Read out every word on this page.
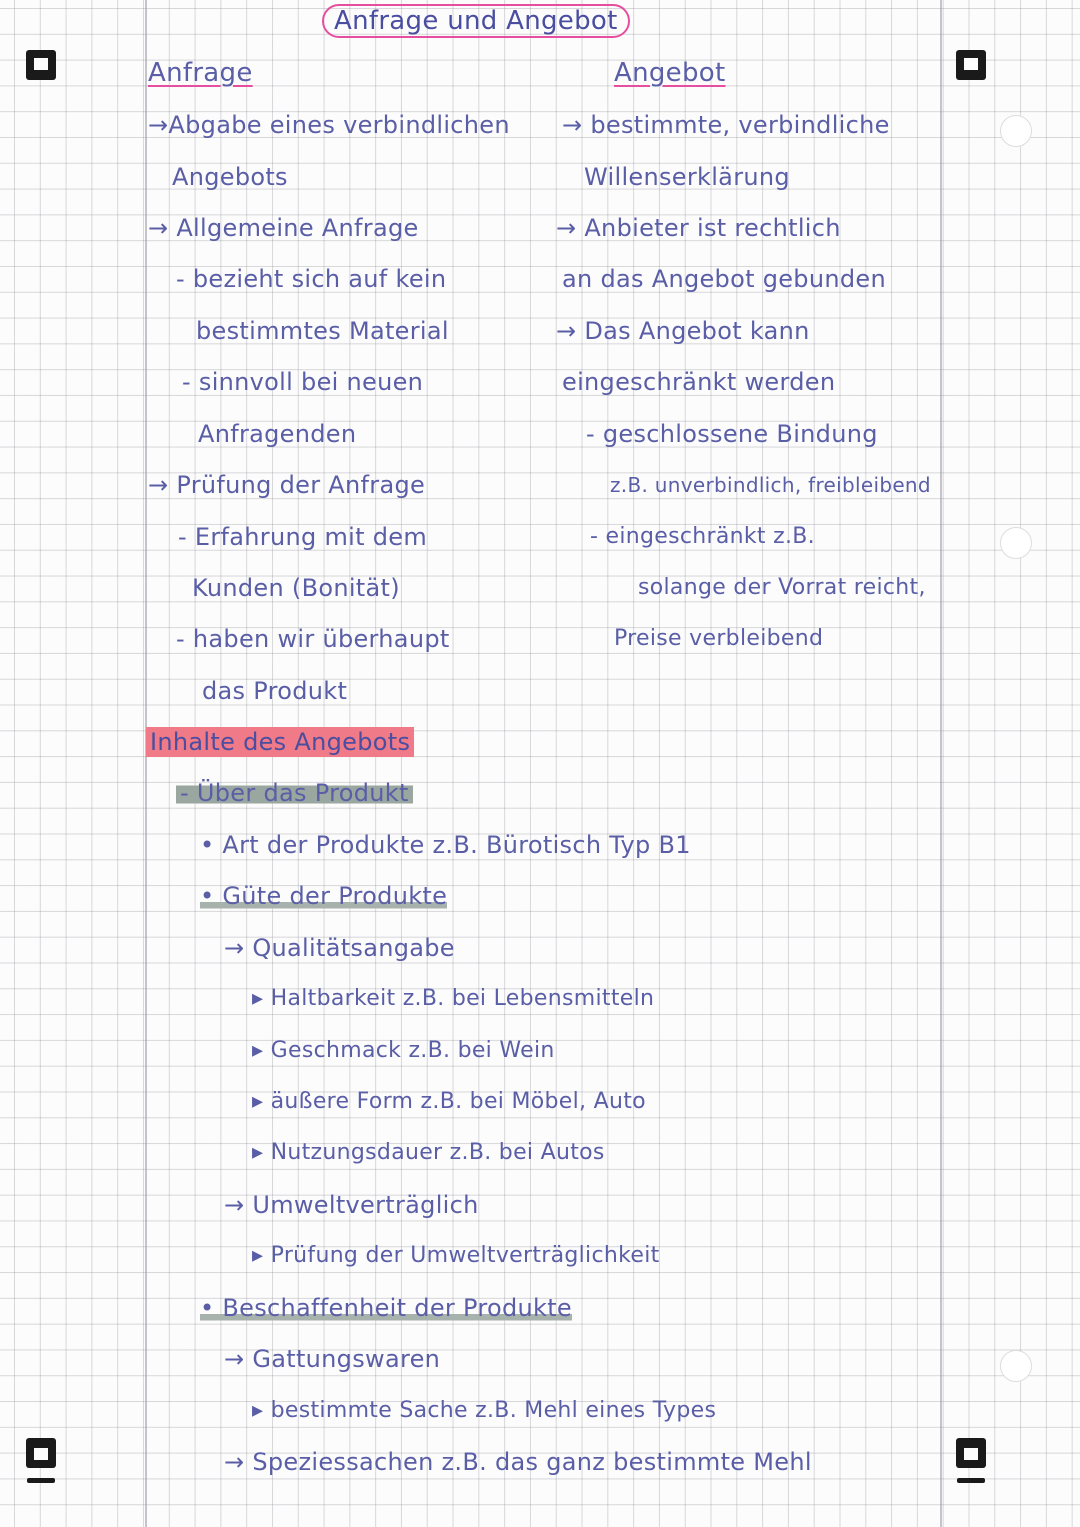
Anfrage und Angebot
Anfrage
→Abgabe eines verbindlichen
Angebots
→ Allgemeine Anfrage
- bezieht sich auf kein
bestimmtes Material
- sinnvoll bei neuen
Anfragenden
→ Prüfung der Anfrage
- Erfahrung mit dem
Kunden (Bonität)
- haben wir überhaupt
das Produkt
Angebot
→ bestimmte, verbindliche
Willenserklärung
→ Anbieter ist rechtlich
an das Angebot gebunden
→ Das Angebot kann
eingeschränkt werden
- geschlossene Bindung
z.B. unverbindlich, freibleibend
- eingeschränkt z.B.
solange der Vorrat reicht,
Preise verbleibend
Inhalte des Angebots
- Über das Produkt
• Art der Produkte z.B. Bürotisch Typ B1
• Güte der Produkte
→ Qualitätsangabe
▸ Haltbarkeit z.B. bei Lebensmitteln
▸ Geschmack z.B. bei Wein
▸ äußere Form z.B. bei Möbel, Auto
▸ Nutzungsdauer z.B. bei Autos
→ Umweltverträglich
▸ Prüfung der Umweltverträglichkeit
• Beschaffenheit der Produkte
→ Gattungswaren
▸ bestimmte Sache z.B. Mehl eines Types
→ Speziessachen z.B. das ganz bestimmte Mehl
